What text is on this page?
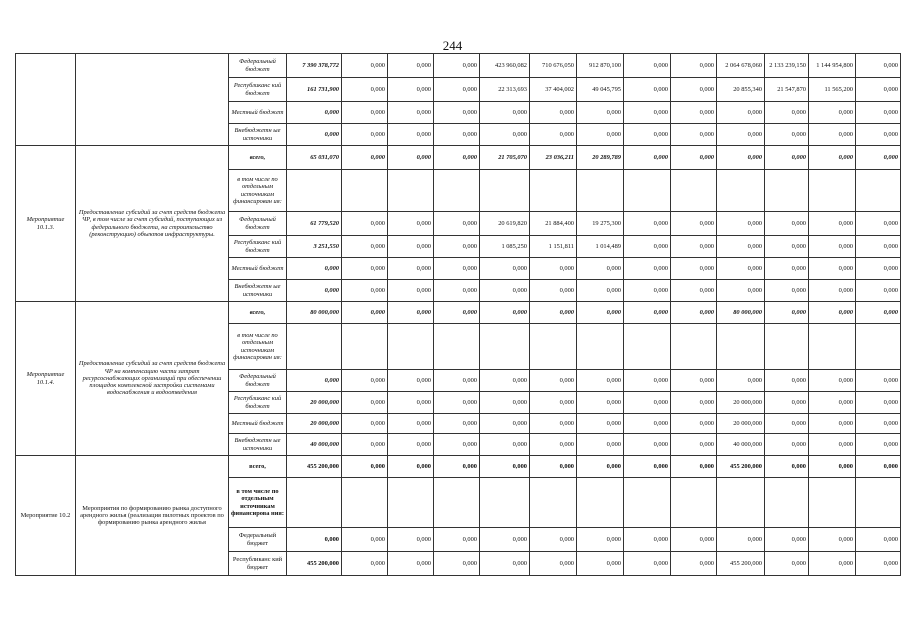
244
		Федеральный бюджет	7 390 378,772	0,000	0,000	0,000	423 960,082	710 676,050	912 870,100	0,000	0,000	2 064 678,060	2 133 239,150	1 144 954,800	0,000
		Республиканс кий бюджет	161 731,900	0,000	0,000	0,000	22 313,693	37 404,002	49 045,795	0,000	0,000	20 855,340	21 547,870	11 565,200	0,000
		Местный бюджет	0,000	0,000	0,000	0,000	0,000	0,000	0,000	0,000	0,000	0,000	0,000	0,000	0,000
		Внебюджетн ые источники	0,000	0,000	0,000	0,000	0,000	0,000	0,000	0,000	0,000	0,000	0,000	0,000	0,000
Мероприятие 10.1.3.	Предоставление субсидий за счет средств бюджета ЧР, в том числе за счет субсидий, поступающих из федерального бюджета, на строительство (реконструкцию) объектов инфраструктуры.	всего,	65 031,070	0,000	0,000	0,000	21 705,070	23 036,211	20 289,789	0,000	0,000	0,000	0,000	0,000	0,000
		в том числе по отдельным источникам финансирован ия:													
		Федеральный бюджет	61 779,520	0,000	0,000	0,000	20 619,820	21 884,400	19 275,300	0,000	0,000	0,000	0,000	0,000	0,000
		Республиканс кий бюджет	3 251,550	0,000	0,000	0,000	1 085,250	1 151,811	1 014,489	0,000	0,000	0,000	0,000	0,000	0,000
		Местный бюджет	0,000	0,000	0,000	0,000	0,000	0,000	0,000	0,000	0,000	0,000	0,000	0,000	0,000
		Внебюджетн ые источники	0,000	0,000	0,000	0,000	0,000	0,000	0,000	0,000	0,000	0,000	0,000	0,000	0,000
Мероприятие 10.1.4.	Предоставление субсидий за счет средств бюджета ЧР на компенсацию части затрат ресурсоснабжающих организаций при обеспечении площадок комплексной застройки системами водоснабжения и водоотведения	всего,	80 000,000	0,000	0,000	0,000	0,000	0,000	0,000	0,000	0,000	80 000,000	0,000	0,000	0,000
		в том числе по отдельным источникам финансирован ия:													
		Федеральный бюджет	0,000	0,000	0,000	0,000	0,000	0,000	0,000	0,000	0,000	0,000	0,000	0,000	0,000
		Республиканс кий бюджет	20 000,000	0,000	0,000	0,000	0,000	0,000	0,000	0,000	0,000	20 000,000	0,000	0,000	0,000
		Местный бюджет	20 000,000	0,000	0,000	0,000	0,000	0,000	0,000	0,000	0,000	20 000,000	0,000	0,000	0,000
		Внебюджетн ые источники	40 000,000	0,000	0,000	0,000	0,000	0,000	0,000	0,000	0,000	40 000,000	0,000	0,000	0,000
Мероприятие 10.2	Мероприятия по формированию рынка доступного арендного жилья (реализация пилотных проектов по формированию рынка арендного жилья	всего,	455 200,000	0,000	0,000	0,000	0,000	0,000	0,000	0,000	0,000	455 200,000	0,000	0,000	0,000
		в том числе по отдельным источникам финансирова ния:													
		Федеральный бюджет	0,000	0,000	0,000	0,000	0,000	0,000	0,000	0,000	0,000	0,000	0,000	0,000	0,000
		Республиканс кий бюджет	455 200,000	0,000	0,000	0,000	0,000	0,000	0,000	0,000	0,000	455 200,000	0,000	0,000	0,000
